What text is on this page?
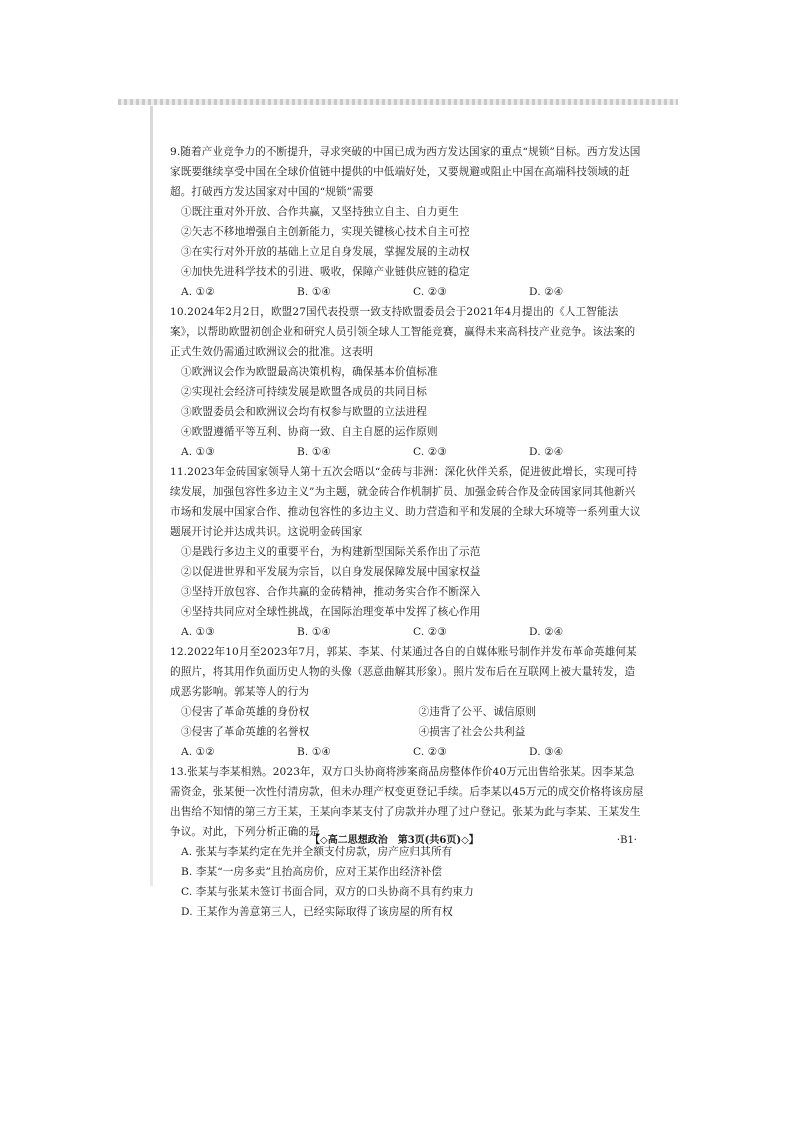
9.随着产业竞争力的不断提升，寻求突破的中国已成为西方发达国家的重点“规锁”目标。西方发达国家既要继续享受中国在全球价值链中提供的中低端好处，又要规避或阻止中国在高端科技领域的赶超。打破西方发达国家对中国的“规锁”需要
①既注重对外开放、合作共赢，又坚持独立自主、自力更生
②矢志不移地增强自主创新能力，实现关键核心技术自主可控
③在实行对外开放的基础上立足自身发展，掌握发展的主动权
④加快先进科学技术的引进、吸收，保障产业链供应链的稳定
A. ①②	B. ①④	C. ②③	D. ②④
10.2024年2月2日，欧盟27国代表投票一致支持欧盟委员会于2021年4月提出的《人工智能法案》，以帮助欧盟初创企业和研究人员引领全球人工智能竞赛，赢得未来高科技产业竞争。该法案的正式生效仍需通过欧洲议会的批准。这表明
①欧洲议会作为欧盟最高决策机构，确保基本价值标准
②实现社会经济可持续发展是欧盟各成员的共同目标
③欧盟委员会和欧洲议会均有权参与欧盟的立法进程
④欧盟遵循平等互利、协商一致、自主自愿的运作原则
A. ①③	B. ①④	C. ②③	D. ②④
11.2023年金砖国家领导人第十五次会晤以“金砖与非洲：深化伙伴关系，促进彼此增长，实现可持续发展，加强包容性多边主义”为主题，就金砖合作机制扩员、加强金砖合作及金砖国家同其他新兴市场和发展中国家合作、推动包容性的多边主义、助力营造和平和发展的全球大环境等一系列重大议题展开讨论并达成共识。这说明金砖国家
①是践行多边主义的重要平台，为构建新型国际关系作出了示范
②以促进世界和平发展为宗旨，以自身发展保障发展中国家权益
③坚持开放包容、合作共赢的金砖精神，推动务实合作不断深入
④坚持共同应对全球性挑战，在国际治理变革中发挥了核心作用
A. ①③	B. ①④	C. ②③	D. ②④
12.2022年10月至2023年7月，郭某、李某、付某通过各自的自媒体账号制作并发布革命英雄何某的照片，将其用作负面历史人物的头像（恶意曲解其形象）。照片发布后在互联网上被大量转发，造成恶劣影响。郭某等人的行为
①侵害了革命英雄的身份权	②违背了公平、诚信原则
③侵害了革命英雄的名誉权	④损害了社会公共利益
A. ①②	B. ①④	C. ②③	D. ③④
13.张某与李某相熟。2023年，双方口头协商将涉案商品房整体作价40万元出售给张某。因李某急需资金，张某便一次性付清房款，但未办理产权变更登记手续。后李某以45万元的成交价格将该房屋出售给不知情的第三方王某，王某向李某支付了房款并办理了过户登记。张某为此与李某、王某发生争议。对此，下列分析正确的是
A. 张某与李某约定在先并全额支付房款，房产应归其所有
B. 李某“一房多卖”且抬高房价，应对王某作出经济补偿
C. 李某与张某未签订书面合同，双方的口头协商不具有约束力
D. 王某作为善意第三人，已经实际取得了该房屋的所有权
【◇高二思想政治　第3页(共6页)◇】	·B1·
